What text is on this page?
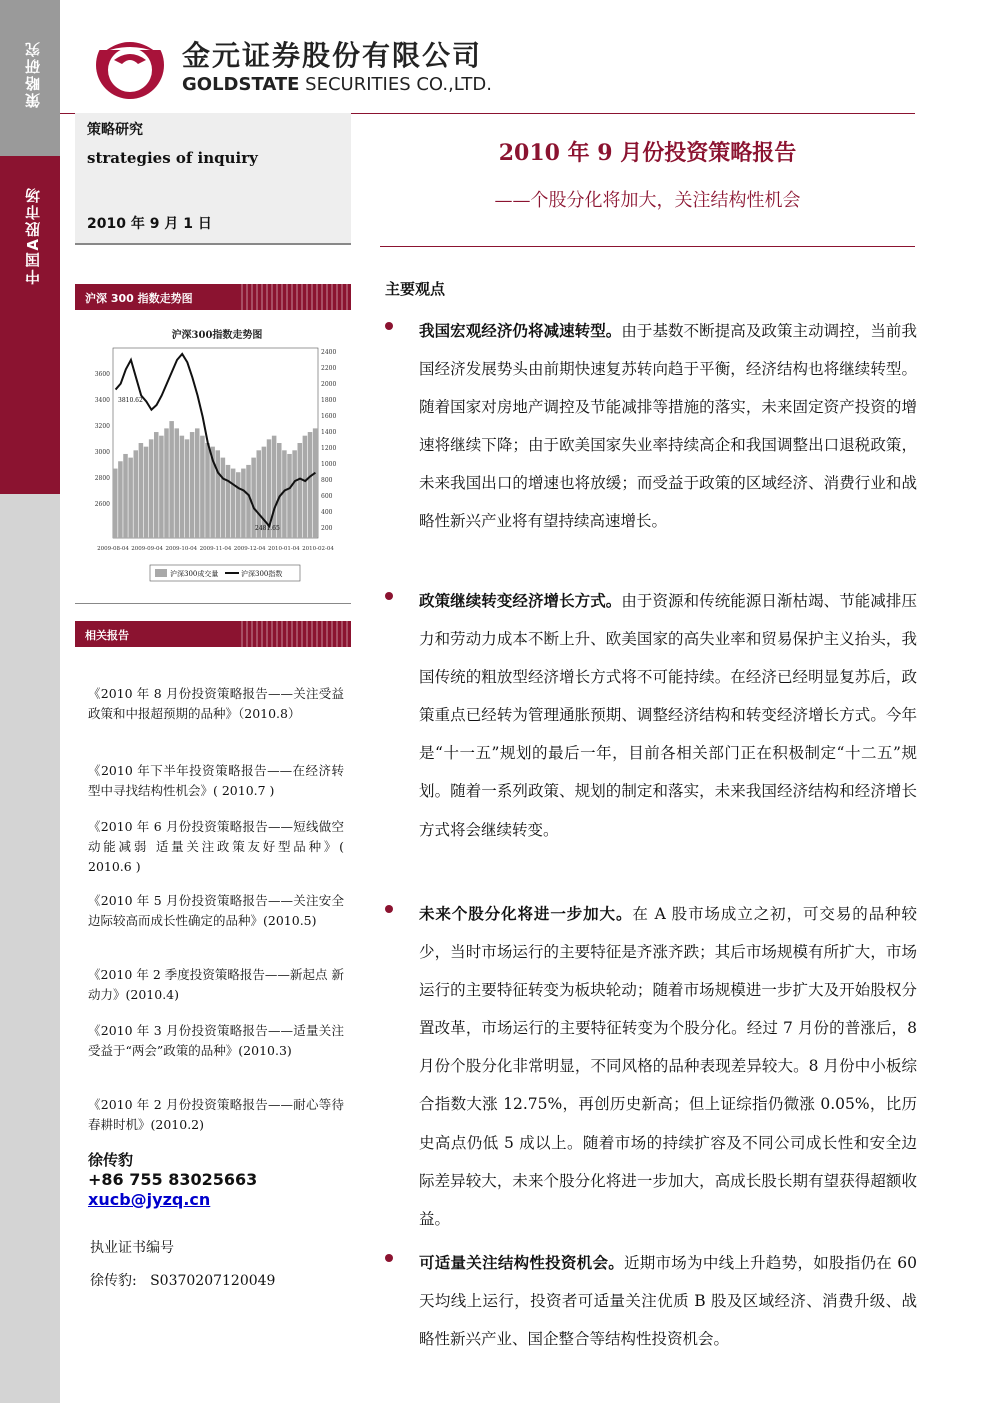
策略研究
中国A股市场
金元证券股份有限公司
GOLDSTATE SECURITIES CO.,LTD.
策略研究
strategies of inquiry
2010 年 9 月 1 日
2010 年 9 月份投资策略报告
——个股分化将加大，关注结构性机会
沪深 300 指数走势图
沪深300指数走势图
3600
3400
3200
3000
2800
2600
2400
2200
2000
1800
1600
1400
1200
1000
800
600
400
200
2009-08-04 2009-09-04 2009-10-04 2009-11-04 2009-12-04 2010-01-04 2010-02-04
3810.62
2481.65
沪深300成交量	沪深300指数
相关报告
《2010 年 8 月份投资策略报告——关注受益政策和中报超预期的品种》（2010.8）
《2010 年下半年投资策略报告——在经济转型中寻找结构性机会》( 2010.7 )
《2010 年 6 月份投资策略报告——短线做空动能减弱 适量关注政策友好型品种》( 2010.6 )
《2010 年 5 月份投资策略报告——关注安全边际较高而成长性确定的品种》(2010.5)
《2010 年 2 季度投资策略报告——新起点 新动力》(2010.4)
《2010 年 3 月份投资策略报告——适量关注受益于“两会”政策的品种》(2010.3)
《2010 年 2 月份投资策略报告——耐心等待春耕时机》(2010.2)
徐传豹
+86 755 83025663
xucb@jyzq.cn
执业证书编号
徐传豹:   S0370207120049
主要观点
我国宏观经济仍将减速转型。由于基数不断提高及政策主动调控，当前我国经济发展势头由前期快速复苏转向趋于平衡，经济结构也将继续转型。随着国家对房地产调控及节能减排等措施的落实，未来固定资产投资的增速将继续下降；由于欧美国家失业率持续高企和我国调整出口退税政策，未来我国出口的增速也将放缓；而受益于政策的区域经济、消费行业和战略性新兴产业将有望持续高速增长。
政策继续转变经济增长方式。由于资源和传统能源日渐枯竭、节能减排压力和劳动力成本不断上升、欧美国家的高失业率和贸易保护主义抬头，我国传统的粗放型经济增长方式将不可能持续。在经济已经明显复苏后，政策重点已经转为管理通胀预期、调整经济结构和转变经济增长方式。今年是“十一五”规划的最后一年，目前各相关部门正在积极制定“十二五”规划。随着一系列政策、规划的制定和落实，未来我国经济结构和经济增长方式将会继续转变。
未来个股分化将进一步加大。在 A 股市场成立之初，可交易的品种较少，当时市场运行的主要特征是齐涨齐跌；其后市场规模有所扩大，市场运行的主要特征转变为板块轮动；随着市场规模进一步扩大及开始股权分置改革，市场运行的主要特征转变为个股分化。经过 7 月份的普涨后，8 月份个股分化非常明显，不同风格的品种表现差异较大。8 月份中小板综合指数大涨 12.75%，再创历史新高；但上证综指仍微涨 0.05%，比历史高点仍低 5 成以上。随着市场的持续扩容及不同公司成长性和安全边际差异较大，未来个股分化将进一步加大，高成长股长期有望获得超额收益。
可适量关注结构性投资机会。近期市场为中线上升趋势，如股指仍在 60 天均线上运行，投资者可适量关注优质 B 股及区域经济、消费升级、战略性新兴产业、国企整合等结构性投资机会。
